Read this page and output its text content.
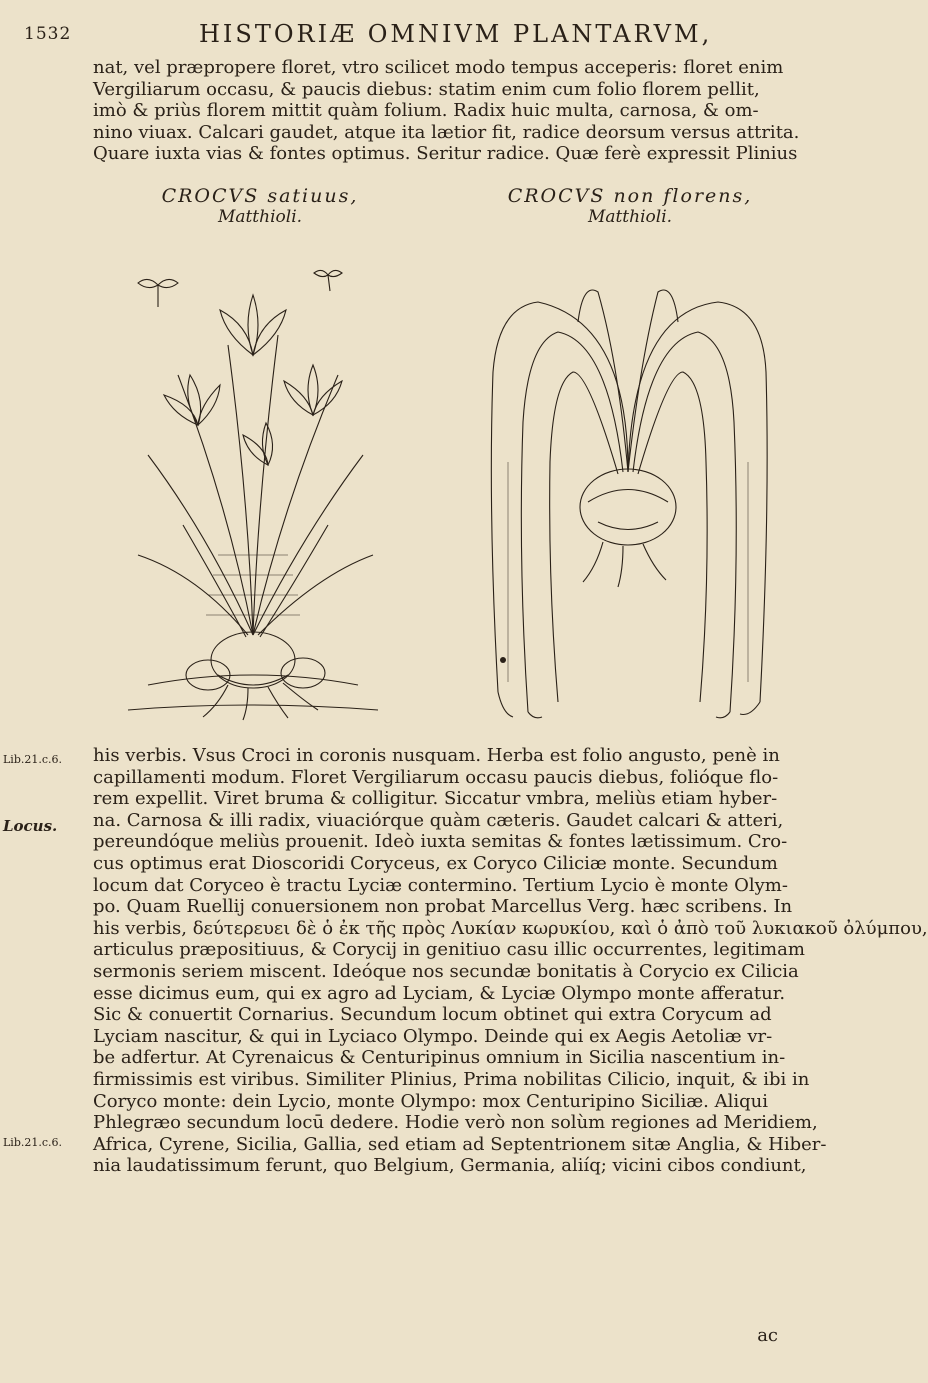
1532	HISTORIÆ OMNIVM PLANTARVM,

nat, vel præpropere floret, vtro scilicet modo tempus acceperis: floret enim

Vergiliarum occasu, & paucis diebus: statim enim cum folio florem pellit,

imò & priùs florem mittit quàm folium. Radix huic multa, carnosa, & om-

nino viuax. Calcari gaudet, atque ita lætior fit, radice deorsum versus attrita.

Quare iuxta vias & fontes optimus. Seritur radice. Quæ ferè expressit Plinius

CROCVS satiuus,
Matthioli.
CROCVS non florens,
Matthioli.
Lib.21.c.6.
Locus.
Lib.21.c.6.

his verbis. Vsus Croci in coronis nusquam. Herba est folio angusto, penè in

capillamenti modum. Floret Vergiliarum occasu paucis diebus, folióque flo-

rem expellit. Viret bruma & colligitur. Siccatur vmbra, meliùs etiam hyber-

na. Carnosa & illi radix, viuaciórque quàm cæteris. Gaudet calcari & atteri,

pereundóque meliùs prouenit. Ideò iuxta semitas & fontes lætissimum. Cro-

cus optimus erat Dioscoridi Coryceus, ex Coryco Ciliciæ monte. Secundum

locum dat Coryceo è tractu Lyciæ contermino. Tertium Lycio è monte Olym-

po. Quam Ruellij conuersionem non probat Marcellus Verg. hæc scribens. In

his verbis, δεύτερευει δὲ ὁ ἐκ τῆς πρὸς Λυκίαν κωρυκίου, καὶ ὁ ἀπὸ τοῦ λυκιακοῦ ὀλύμπου,

articulus præpositiuus, & Corycij in genitiuo casu illic occurrentes, legitimam

sermonis seriem miscent. Ideóque nos secundæ bonitatis à Corycio ex Cilicia

esse dicimus eum, qui ex agro ad Lyciam, & Lyciæ Olympo monte afferatur.

Sic & conuertit Cornarius. Secundum locum obtinet qui extra Corycum ad

Lyciam nascitur, & qui in Lyciaco Olympo. Deinde qui ex Aegis Aetoliæ vr-

be adfertur. At Cyrenaicus & Centuripinus omnium in Sicilia nascentium in-

firmissimis est viribus. Similiter Plinius, Prima nobilitas Cilicio, inquit, & ibi in

Coryco monte: dein Lycio, monte Olympo: mox Centuripino Siciliæ. Aliqui

Phlegræo secundum locū dedere. Hodie verò non solùm regiones ad Meridiem,

Africa, Cyrene, Sicilia, Gallia, sed etiam ad Septentrionem sitæ Anglia, & Hiber-

nia laudatissimum ferunt, quo Belgium, Germania, aliíq; vicini cibos condiunt,

ac
